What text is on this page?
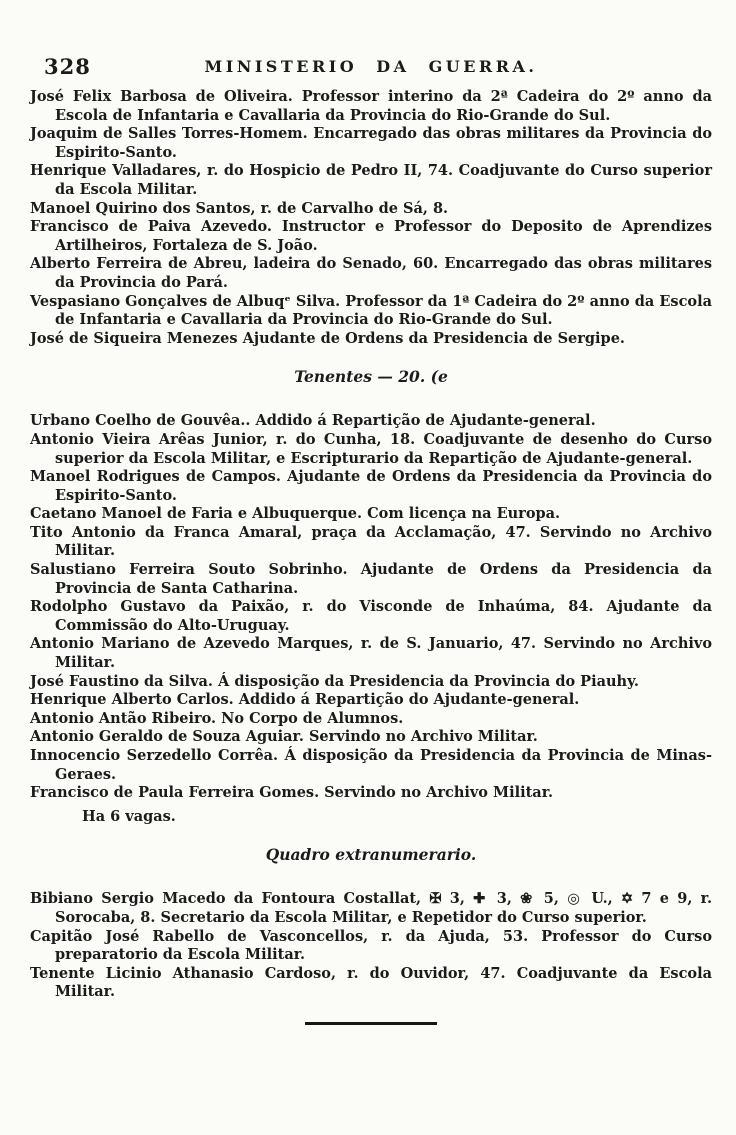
328	MINISTERIO DA GUERRA.

José Felix Barbosa de Oliveira. Professor interino da 2ª Cadeira do 2º anno da Escola de Infantaria e Cavallaria da Provincia do Rio-Grande do Sul.

Joaquim de Salles Torres-Homem. Encarregado das obras militares da Provincia do Espirito-Santo.

Henrique Valladares, r. do Hospicio de Pedro II, 74. Coadjuvante do Curso superior da Escola Militar.

Manoel Quirino dos Santos, r. de Carvalho de Sá, 8.

Francisco de Paiva Azevedo. Instructor e Professor do Deposito de Aprendizes Artilheiros, Fortaleza de S. João.

Alberto Ferreira de Abreu, ladeira do Senado, 60. Encarregado das obras militares da Provincia do Pará.

Vespasiano Gonçalves de Albuqᵉ Silva. Professor da 1ª Cadeira do 2º anno da Escola de Infantaria e Cavallaria da Provincia do Rio-Grande do Sul.

José de Siqueira Menezes Ajudante de Ordens da Presidencia de Sergipe.

Tenentes — 20. (e

Urbano Coelho de Gouvêa.. Addido á Repartição de Ajudante-general.

Antonio Vieira Arêas Junior, r. do Cunha, 18. Coadjuvante de desenho do Curso superior da Escola Militar, e Escripturario da Repartição de Ajudante-general.

Manoel Rodrigues de Campos. Ajudante de Ordens da Presidencia da Provincia do Espirito-Santo.

Caetano Manoel de Faria e Albuquerque. Com licença na Europa.

Tito Antonio da Franca Amaral, praça da Acclamação, 47. Servindo no Archivo Militar.

Salustiano Ferreira Souto Sobrinho. Ajudante de Ordens da Presidencia da Provincia de Santa Catharina.

Rodolpho Gustavo da Paixão, r. do Visconde de Inhaúma, 84. Ajudante da Commissão do Alto-Uruguay.

Antonio Mariano de Azevedo Marques, r. de S. Januario, 47. Servindo no Archivo Militar.

José Faustino da Silva. Á disposição da Presidencia da Provincia do Piauhy.

Henrique Alberto Carlos. Addido á Repartição do Ajudante-general.

Antonio Antão Ribeiro. No Corpo de Alumnos.

Antonio Geraldo de Souza Aguiar. Servindo no Archivo Militar.

Innocencio Serzedello Corrêa. Á disposição da Presidencia da Provincia de Minas-Geraes.

Francisco de Paula Ferreira Gomes. Servindo no Archivo Militar.

Ha 6 vagas.

Quadro extranumerario.

Bibiano Sergio Macedo da Fontoura Costallat, ✠ 3, ✚ 3, ❀ 5, ◎ U., ✡ 7 e 9, r. Sorocaba, 8. Secretario da Escola Militar, e Repetidor do Curso superior.

Capitão José Rabello de Vasconcellos, r. da Ajuda, 53. Professor do Curso preparatorio da Escola Militar.

Tenente Licinio Athanasio Cardoso, r. do Ouvidor, 47. Coadjuvante da Escola Militar.
